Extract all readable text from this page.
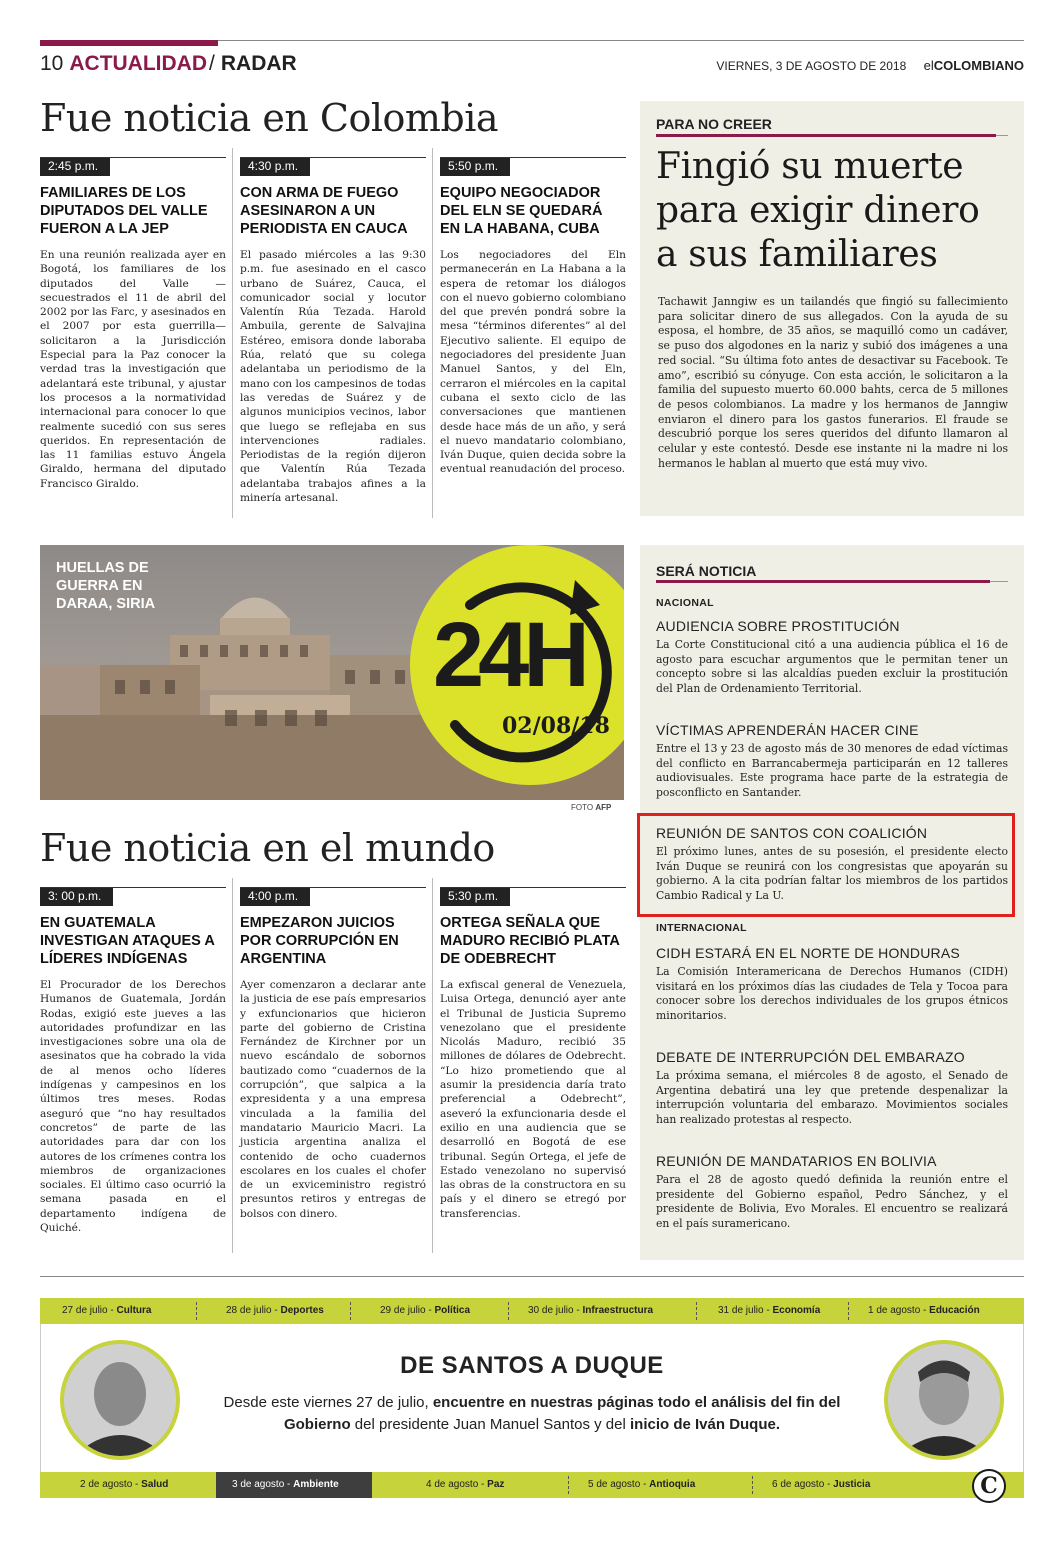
10 ACTUALIDAD/ RADAR	VIERNES, 3 DE AGOSTO DE 2018 elCOLOMBIANO
Fue noticia en Colombia
2:45 p.m.
FAMILIARES DE LOS DIPUTADOS DEL VALLE FUERON A LA JEP

En una reunión realizada ayer en Bogotá, los familiares de los diputados del Valle —secuestrados el 11 de abril del 2002 por las Farc, y asesinados en el 2007 por esta guerrilla— solicitaron a la Jurisdicción Especial para la Paz conocer la verdad tras la investigación que adelantará este tribunal, y ajustar los procesos a la normatividad internacional para conocer lo que realmente sucedió con sus seres queridos. En representación de las 11 familias estuvo Ángela Giraldo, hermana del diputado Francisco Giraldo.

4:30 p.m.
CON ARMA DE FUEGO ASESINARON A UN PERIODISTA EN CAUCA

El pasado miércoles a las 9:30 p.m. fue asesinado en el casco urbano de Suárez, Cauca, el comunicador social y locutor Valentín Rúa Tezada. Harold Ambuila, gerente de Salvajina Estéreo, emisora donde laboraba Rúa, relató que su colega adelantaba un periodismo de la mano con los campesinos de todas las veredas de Suárez y de algunos municipios vecinos, labor que luego se reflejaba en sus intervenciones radiales. Periodistas de la región dijeron que Valentín Rúa Tezada adelantaba trabajos afines a la minería artesanal.

5:50 p.m.
EQUIPO NEGOCIADOR DEL ELN SE QUEDARÁ EN LA HABANA, CUBA

Los negociadores del Eln permanecerán en La Habana a la espera de retomar los diálogos con el nuevo gobierno colombiano del que prevén pondrá sobre la mesa “términos diferentes” al del Ejecutivo saliente. El equipo de negociadores del presidente Juan Manuel Santos, y del Eln, cerraron el miércoles en la capital cubana el sexto ciclo de las conversaciones que mantienen desde hace más de un año, y será el nuevo mandatario colombiano, Iván Duque, quien decida sobre la eventual reanudación del proceso.

PARA NO CREER
Fingió su muerte para exigir dinero a sus familiares
Tachawit Janngiw es un tailandés que fingió su fallecimiento para solicitar dinero de sus allegados. Con la ayuda de su esposa, el hombre, de 35 años, se maquilló como un cadáver, se puso dos algodones en la nariz y subió dos imágenes a una red social. “Su última foto antes de desactivar su Facebook. Te amo”, escribió su cónyuge. Con esta acción, le solicitaron a la familia del supuesto muerto 60.000 bahts, cerca de 5 millones de pesos colombianos. La madre y los hermanos de Janngiw enviaron el dinero para los gastos funerarios. El fraude se descubrió porque los seres queridos del difunto llamaron al celular y este contestó. Desde ese instante ni la madre ni los hermanos le hablan al muerto que está muy vivo.
HUELLAS DE GUERRA EN DARAA, SIRIA	24H
02/08/18
FOTO AFP
Fue noticia en el mundo
3: 00 p.m.
EN GUATEMALA INVESTIGAN ATAQUES A LÍDERES INDÍGENAS

El Procurador de los Derechos Humanos de Guatemala, Jordán Rodas, exigió este jueves a las autoridades profundizar en las investigaciones sobre una ola de asesinatos que ha cobrado la vida de al menos ocho líderes indígenas y campesinos en los últimos tres meses. Rodas aseguró que “no hay resultados concretos” de parte de las autoridades para dar con los autores de los crímenes contra los miembros de organizaciones sociales. El último caso ocurrió la semana pasada en el departamento indígena de Quiché.

4:00 p.m.
EMPEZARON JUICIOS POR CORRUPCIÓN EN ARGENTINA

Ayer comenzaron a declarar ante la justicia de ese país empresarios y exfuncionarios que hicieron parte del gobierno de Cristina Fernández de Kirchner por un nuevo escándalo de sobornos bautizado como “cuadernos de la corrupción”, que salpica a la expresidenta y a una empresa vinculada a la familia del mandatario Mauricio Macri. La justicia argentina analiza el contenido de ocho cuadernos escolares en los cuales el chofer de un exviceministro registró presuntos retiros y entregas de bolsos con dinero.

5:30 p.m.
ORTEGA SEÑALA QUE MADURO RECIBIÓ PLATA DE ODEBRECHT

La exfiscal general de Venezuela, Luisa Ortega, denunció ayer ante el Tribunal de Justicia Supremo venezolano que el presidente Nicolás Maduro, recibió 35 millones de dólares de Odebrecht. “Lo hizo prometiendo que al asumir la presidencia daría trato preferencial a Odebrecht”, aseveró la exfuncionaria desde el exilio en una audiencia que se desarrolló en Bogotá de ese tribunal. Según Ortega, el jefe de Estado venezolano no supervisó las obras de la constructora en su país y el dinero se etregó por transferencias.

SERÁ NOTICIA
NACIONAL
AUDIENCIA SOBRE PROSTITUCIÓN
La Corte Constitucional citó a una audiencia pública el 16 de agosto para escuchar argumentos que le permitan tener un concepto sobre si las alcaldías pueden excluir la prostitución del Plan de Ordenamiento Territorial.
VÍCTIMAS APRENDERÁN HACER CINE
Entre el 13 y 23 de agosto más de 30 menores de edad víctimas del conflicto en Barrancabermeja participarán en 12 talleres audiovisuales. Este programa hace parte de la estrategia de posconflicto en Santander.
REUNIÓN DE SANTOS CON COALICIÓN
El próximo lunes, antes de su posesión, el presidente electo Iván Duque se reunirá con los congresistas que apoyarán su gobierno. A la cita podrían faltar los miembros de los partidos Cambio Radical y La U.
INTERNACIONAL
CIDH ESTARÁ EN EL NORTE DE HONDURAS
La Comisión Interamericana de Derechos Humanos (CIDH) visitará en los próximos días las ciudades de Tela y Tocoa para conocer sobre los derechos individuales de los grupos étnicos minoritarios.
DEBATE DE INTERRUPCIÓN DEL EMBARAZO
La próxima semana, el miércoles 8 de agosto, el Senado de Argentina debatirá una ley que pretende despenalizar la interrupción voluntaria del embarazo. Movimientos sociales han realizado protestas al respecto.
REUNIÓN DE MANDATARIOS EN BOLIVIA
Para el 28 de agosto quedó definida la reunión entre el presidente del Gobierno español, Pedro Sánchez, y el presidente de Bolivia, Evo Morales. El encuentro se realizará en el país suramericano.
27 de julio - Cultura	28 de julio - Deportes	29 de julio - Política	30 de julio - Infraestructura	31 de julio - Economía	1 de agosto - Educación
DE SANTOS A DUQUE
Desde este viernes 27 de julio, encuentre en nuestras páginas todo el análisis del fin del Gobierno del presidente Juan Manuel Santos y del inicio de Iván Duque.
2 de agosto - Salud	3 de agosto - Ambiente	4 de agosto - Paz	5 de agosto - Antioquia	6 de agosto - Justicia	C
